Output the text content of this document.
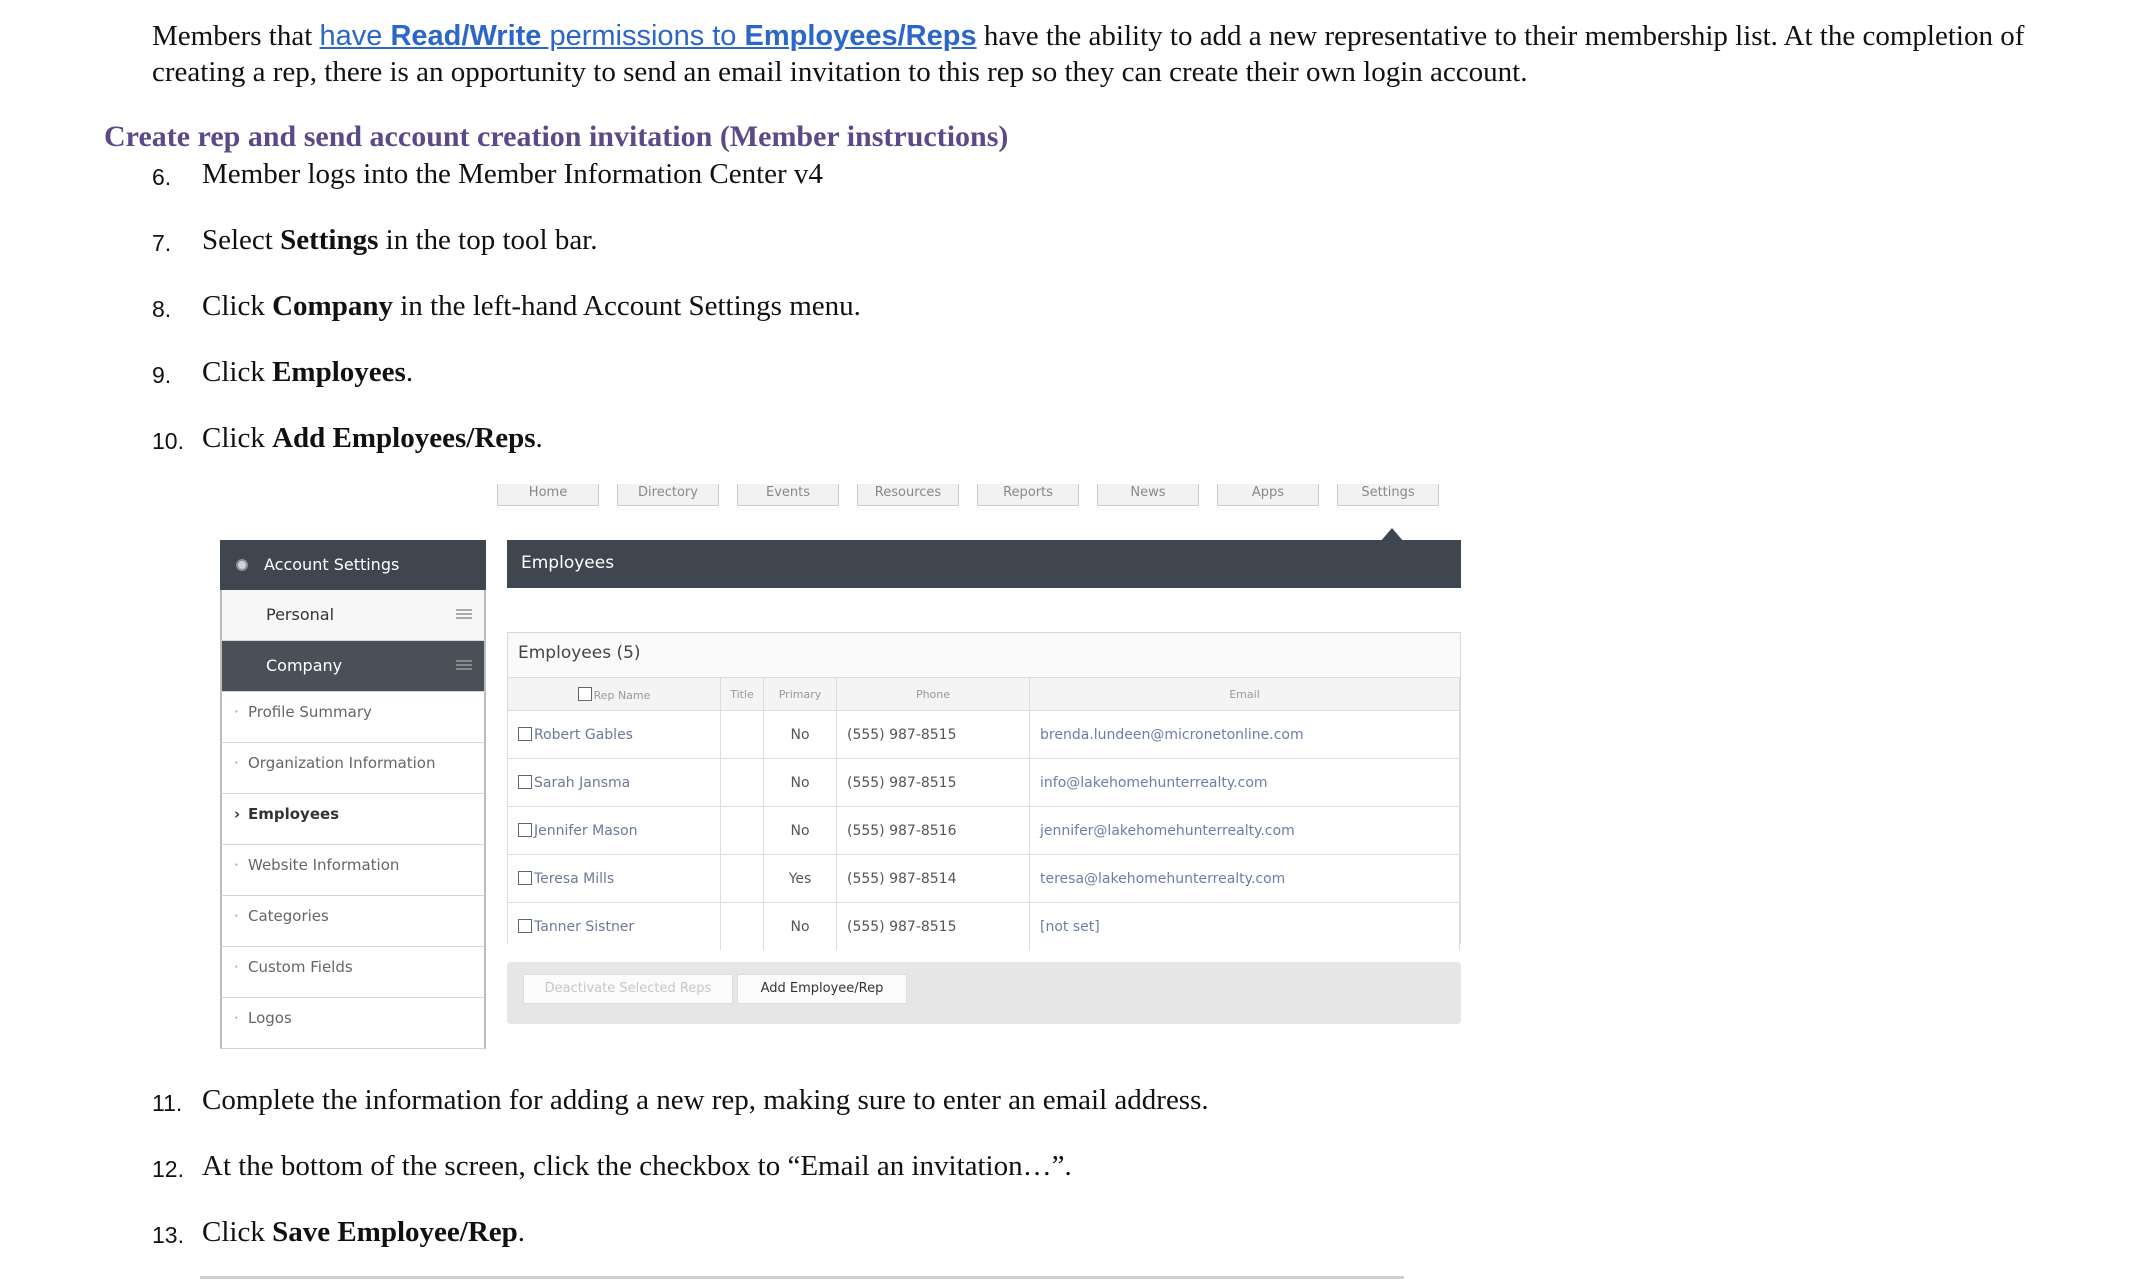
Members that have Read/Write permissions to Employees/Reps have the ability to add a new representative to their membership list. At the completion of creating a rep, there is an opportunity to send an email invitation to this rep so they can create their own login account.
Create rep and send account creation invitation (Member instructions)
6.	Member logs into the Member Information Center v4
7.	Select Settings in the top tool bar.
8.	Click Company in the left-hand Account Settings menu.
9.	Click Employees.
10. Click Add Employees/Reps.
Home	Directory	Events	Resources	Reports	News	Apps	Settings
Account Settings
Personal
Company
· Profile Summary
· Organization Information
› Employees
· Website Information
· Categories
· Custom Fields
· Logos
Employees
Employees (5)
Rep Name	Title	Primary	Phone	Email
Robert Gables		No	(555) 987-8515	brenda.lundeen@micronetonline.com
Sarah Jansma		No	(555) 987-8515	info@lakehomehunterrealty.com
Jennifer Mason		No	(555) 987-8516	jennifer@lakehomehunterrealty.com
Teresa Mills		Yes	(555) 987-8514	teresa@lakehomehunterrealty.com
Tanner Sistner		No	(555) 987-8515	[not set]
Deactivate Selected Reps	Add Employee/Rep
11. Complete the information for adding a new rep, making sure to enter an email address.
12. At the bottom of the screen, click the checkbox to “Email an invitation…”.
13. Click Save Employee/Rep.
